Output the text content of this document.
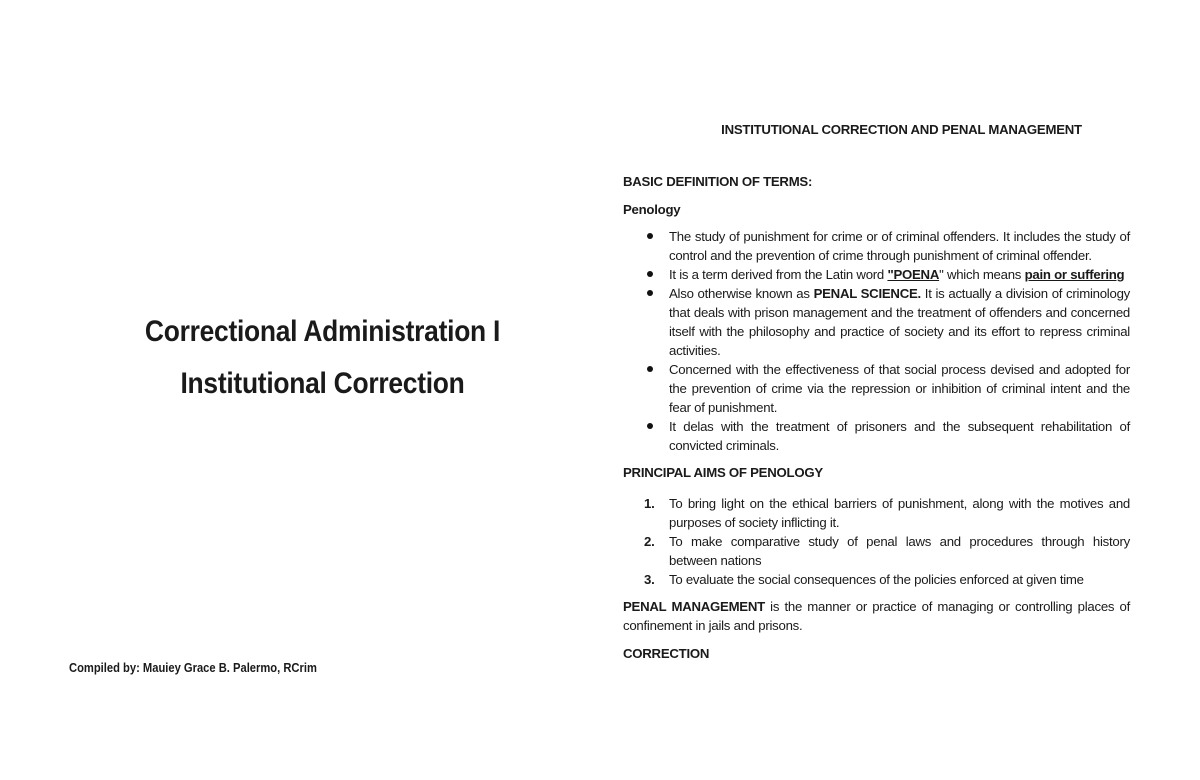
Correctional Administration I
Institutional Correction
Compiled by: Mauiey Grace B. Palermo, RCrim
INSTITUTIONAL CORRECTION AND PENAL MANAGEMENT
BASIC DEFINITION OF TERMS:
Penology
The study of punishment for crime or of criminal offenders. It includes the study of control and the prevention of crime through punishment of criminal offender.
It is a term derived from the Latin word "POENA" which means pain or suffering
Also otherwise known as PENAL SCIENCE. It is actually a division of criminology that deals with prison management and the treatment of offenders and concerned itself with the philosophy and practice of society and its effort to repress criminal activities.
Concerned with the effectiveness of that social process devised and adopted for the prevention of crime via the repression or inhibition of criminal intent and the fear of punishment.
It delas with the treatment of prisoners and the subsequent rehabilitation of convicted criminals.
PRINCIPAL AIMS OF PENOLOGY
1. To bring light on the ethical barriers of punishment, along with the motives and purposes of society inflicting it.
2. To make comparative study of penal laws and procedures through history between nations
3. To evaluate the social consequences of the policies enforced at given time
PENAL MANAGEMENT is the manner or practice of managing or controlling places of confinement in jails and prisons.
CORRECTION
